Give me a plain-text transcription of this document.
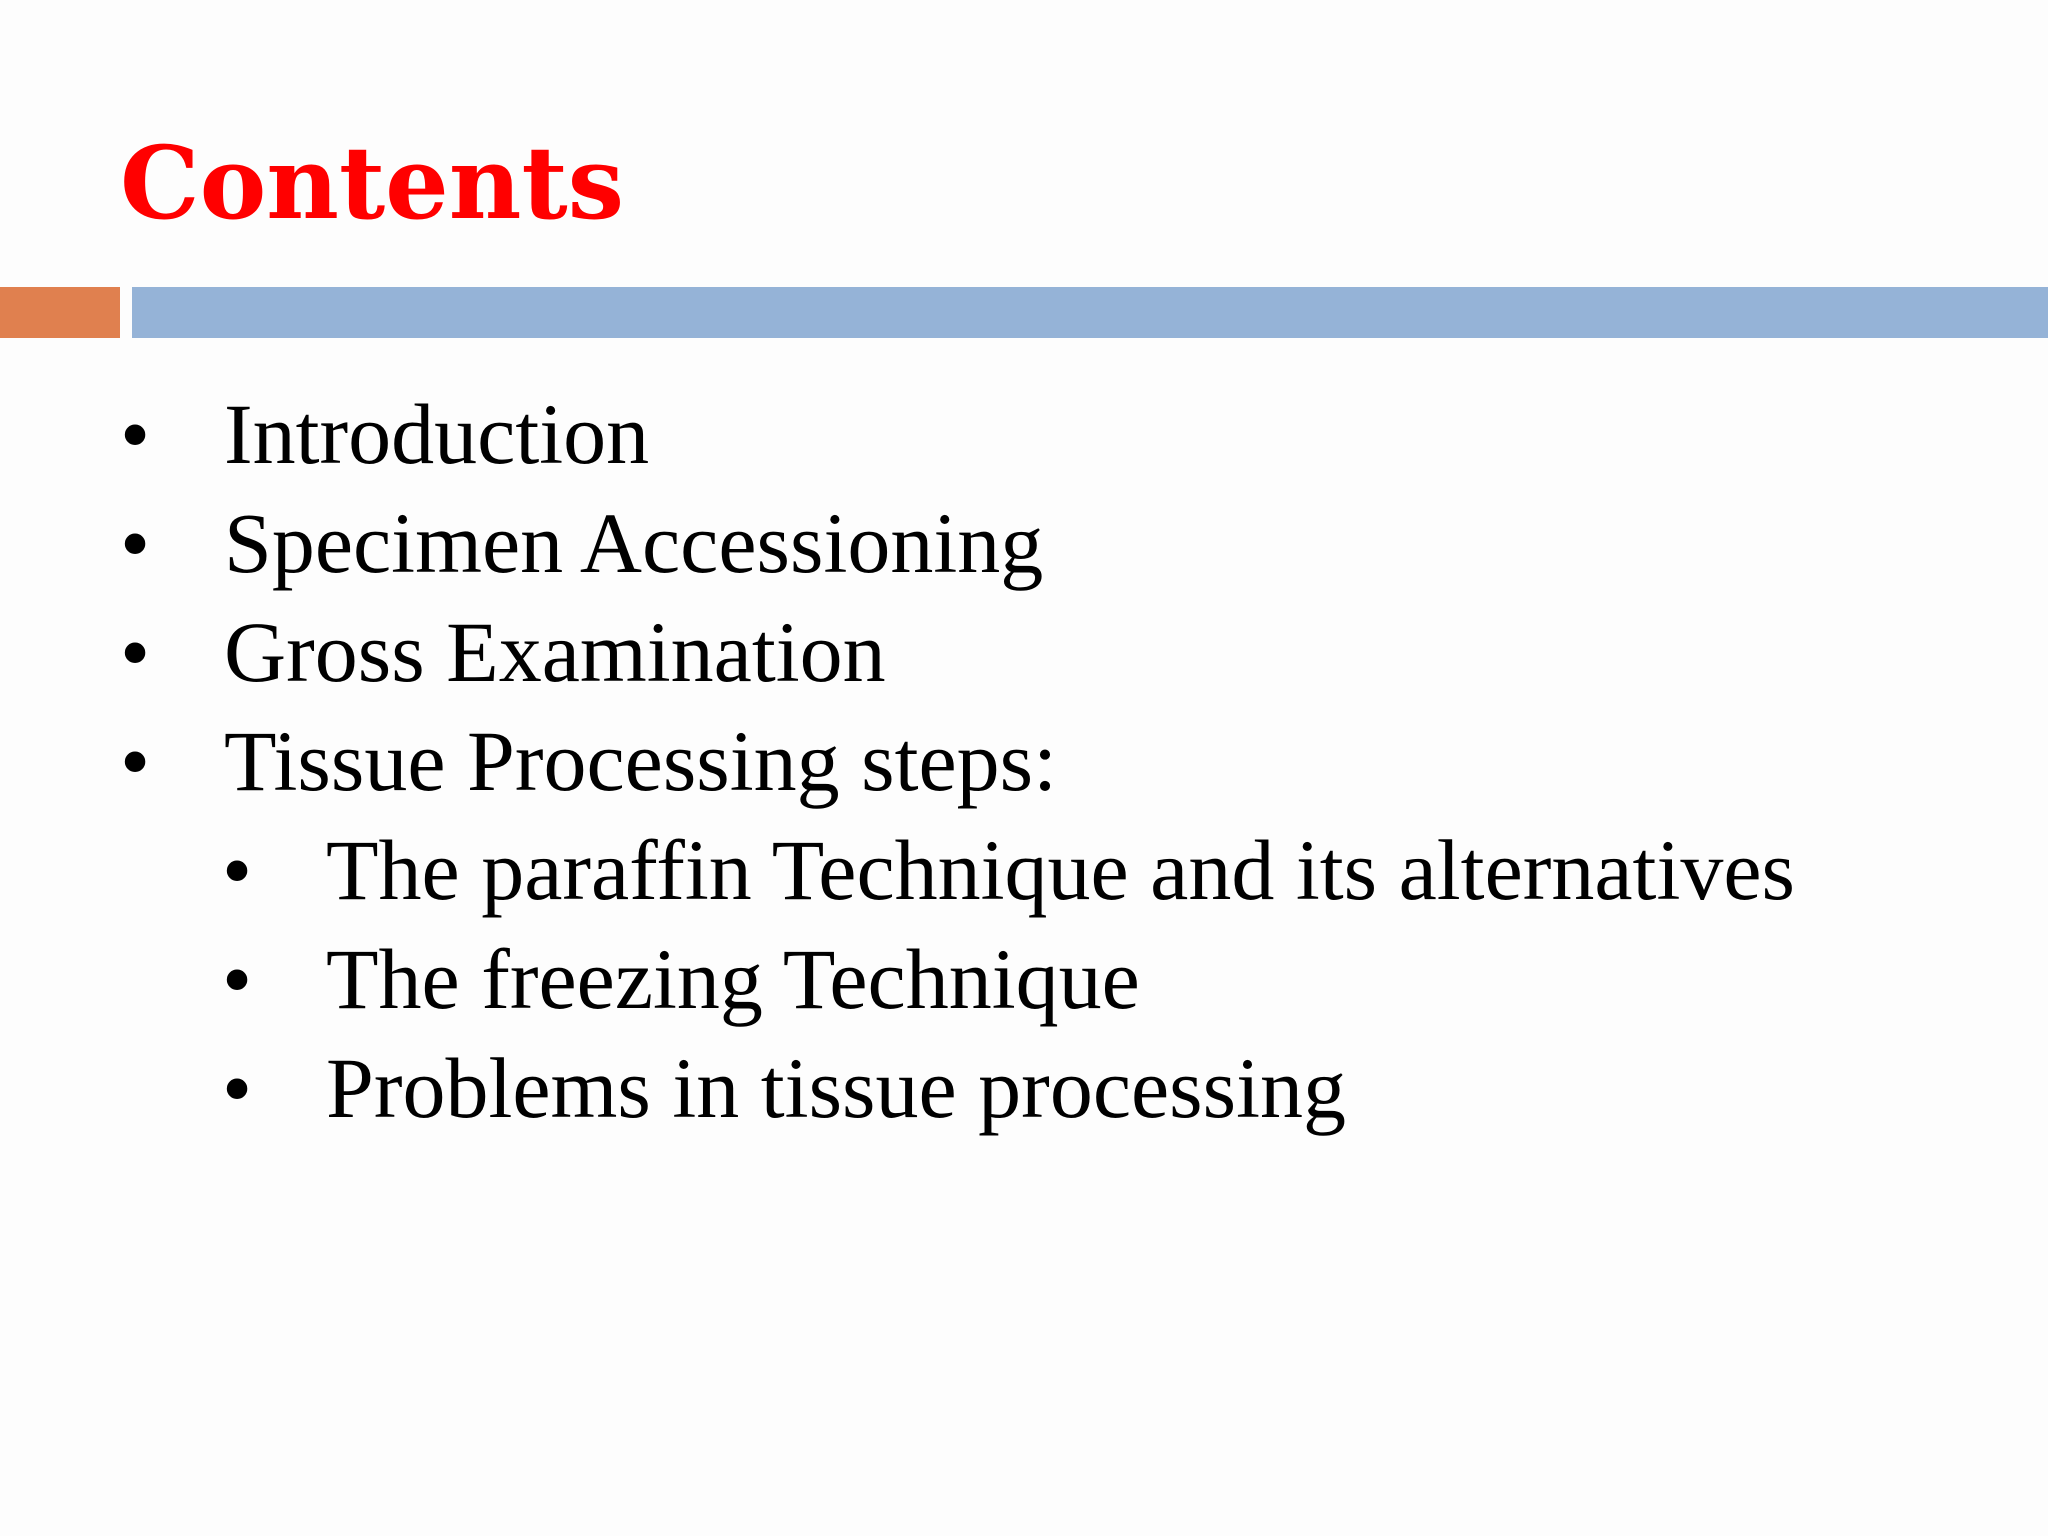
Contents
• Introduction
• Specimen Accessioning
• Gross Examination
• Tissue Processing steps:
• The paraffin Technique and its alternatives
• The freezing Technique
• Problems in tissue processing
